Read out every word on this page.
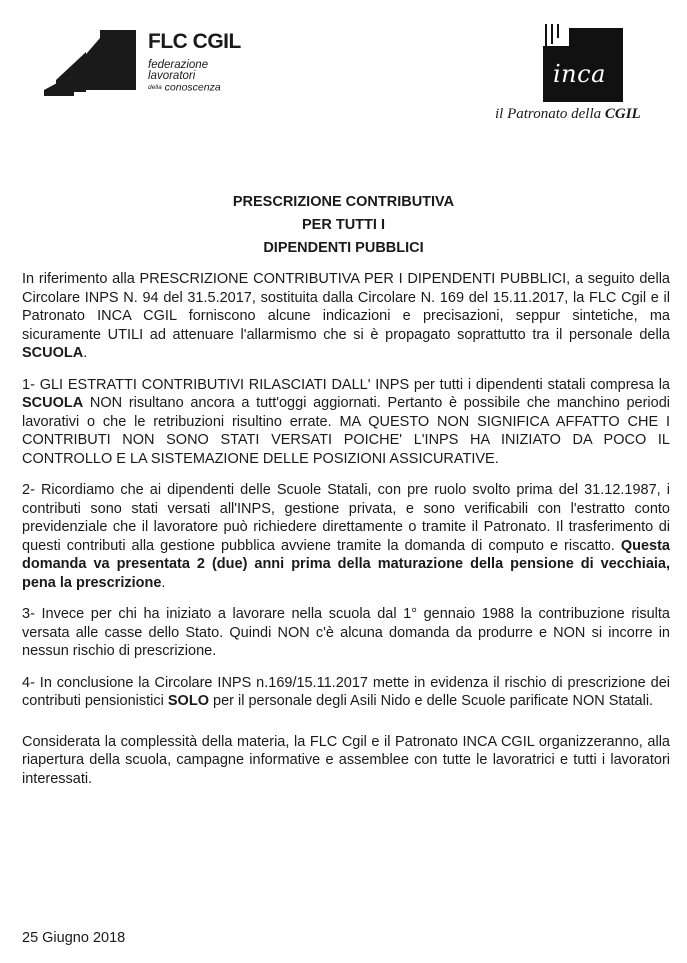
FLC CGIL
federazione
lavoratori
della conoscenza	inca
il Patronato della CGIL
PRESCRIZIONE CONTRIBUTIVA
PER TUTTI I
DIPENDENTI PUBBLICI

In riferimento alla PRESCRIZIONE CONTRIBUTIVA PER I DIPENDENTI PUBBLICI, a seguito della Circolare INPS N. 94 del 31.5.2017, sostituita dalla Circolare N. 169 del 15.11.2017, la FLC Cgil e il Patronato INCA CGIL forniscono alcune indicazioni e precisazioni, seppur sintetiche, ma sicuramente UTILI ad attenuare l'allarmismo che si è propagato soprattutto tra il personale della SCUOLA.

1- GLI ESTRATTI CONTRIBUTIVI RILASCIATI DALL' INPS per tutti i dipendenti statali compresa la SCUOLA NON risultano ancora a tutt'oggi aggiornati. Pertanto è possibile che manchino periodi lavorativi o che le retribuzioni risultino errate. MA QUESTO NON SIGNIFICA AFFATTO CHE I CONTRIBUTI NON SONO STATI VERSATI POICHE' L'INPS HA INIZIATO DA POCO IL CONTROLLO E LA SISTEMAZIONE DELLE POSIZIONI ASSICURATIVE.

2- Ricordiamo che ai dipendenti delle Scuole Statali, con pre ruolo svolto prima del 31.12.1987, i contributi sono stati versati all'INPS, gestione privata, e sono verificabili con l'estratto conto previdenziale che il lavoratore può richiedere direttamente o tramite il Patronato. Il trasferimento di questi contributi alla gestione pubblica avviene tramite la domanda di computo e riscatto. Questa domanda va presentata 2 (due) anni prima della maturazione della pensione di vecchiaia, pena la prescrizione.

3- Invece per chi ha iniziato a lavorare nella scuola dal 1° gennaio 1988 la contribuzione risulta versata alle casse dello Stato. Quindi NON c'è alcuna domanda da produrre e NON si incorre in nessun rischio di prescrizione.

4- In conclusione la Circolare INPS n.169/15.11.2017 mette in evidenza il rischio di prescrizione dei contributi pensionistici SOLO per il personale degli Asili Nido e delle Scuole parificate NON Statali.

Considerata la complessità della materia, la FLC Cgil e il Patronato INCA CGIL organizzeranno, alla riapertura della scuola, campagne informative e assemblee con tutte le lavoratrici e tutti i lavoratori interessati.

25 Giugno 2018
